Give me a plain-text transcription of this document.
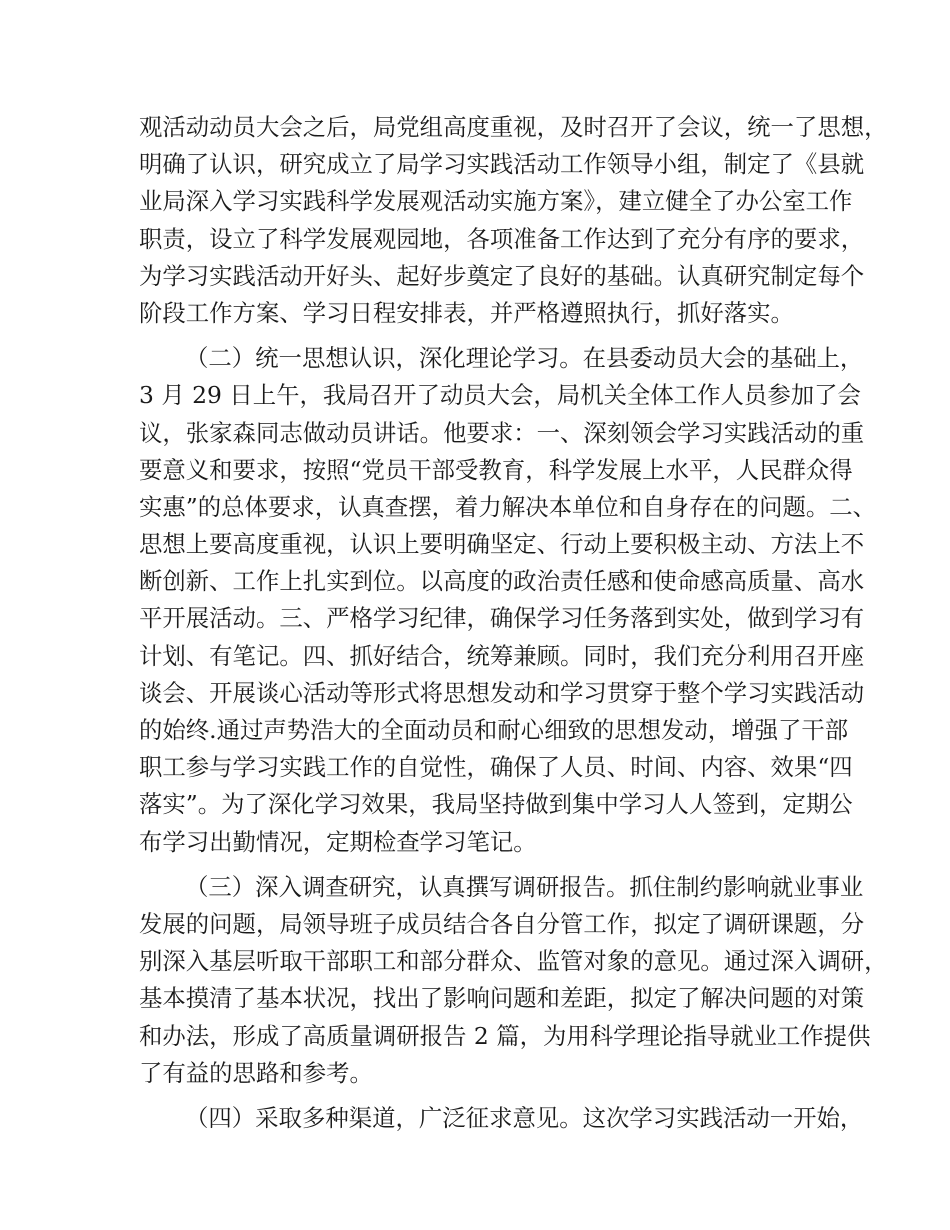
观活动动员大会之后，局党组高度重视，及时召开了会议，统一了思想，
明确了认识，研究成立了局学习实践活动工作领导小组，制定了《县就
业局深入学习实践科学发展观活动实施方案》，建立健全了办公室工作
职责，设立了科学发展观园地，各项准备工作达到了充分有序的要求，
为学习实践活动开好头、起好步奠定了良好的基础。认真研究制定每个
阶段工作方案、学习日程安排表，并严格遵照执行，抓好落实。
（二）统一思想认识，深化理论学习。在县委动员大会的基础上，
3 月 29 日上午，我局召开了动员大会，局机关全体工作人员参加了会
议，张家森同志做动员讲话。他要求：一、深刻领会学习实践活动的重
要意义和要求，按照“党员干部受教育，科学发展上水平，人民群众得
实惠”的总体要求，认真查摆，着力解决本单位和自身存在的问题。二、
思想上要高度重视，认识上要明确坚定、行动上要积极主动、方法上不
断创新、工作上扎实到位。以高度的政治责任感和使命感高质量、高水
平开展活动。三、严格学习纪律，确保学习任务落到实处，做到学习有
计划、有笔记。四、抓好结合，统筹兼顾。同时，我们充分利用召开座
谈会、开展谈心活动等形式将思想发动和学习贯穿于整个学习实践活动
的始终.通过声势浩大的全面动员和耐心细致的思想发动，增强了干部
职工参与学习实践工作的自觉性，确保了人员、时间、内容、效果“四
落实”。为了深化学习效果，我局坚持做到集中学习人人签到，定期公
布学习出勤情况，定期检查学习笔记。
（三）深入调查研究，认真撰写调研报告。抓住制约影响就业事业
发展的问题，局领导班子成员结合各自分管工作，拟定了调研课题，分
别深入基层听取干部职工和部分群众、监管对象的意见。通过深入调研，
基本摸清了基本状况，找出了影响问题和差距，拟定了解决问题的对策
和办法，形成了高质量调研报告 2 篇，为用科学理论指导就业工作提供
了有益的思路和参考。
（四）采取多种渠道，广泛征求意见。这次学习实践活动一开始，
